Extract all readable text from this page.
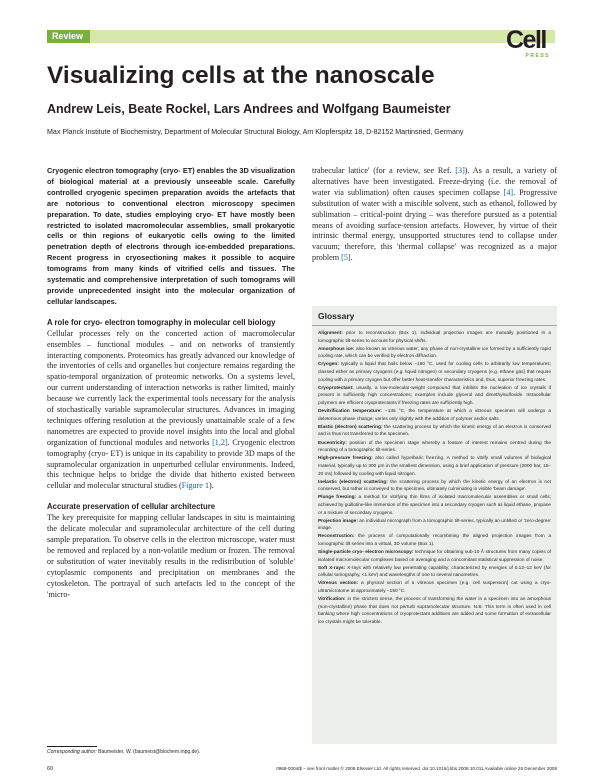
Review	Cell
PRESS
Visualizing cells at the nanoscale
Andrew Leis, Beate Rockel, Lars Andrees and Wolfgang Baumeister
Max Planck Institute of Biochemistry, Department of Molecular Structural Biology, Am Klopferspitz 18, D-82152 Martinsried, Germany

Cryogenic electron tomography (cryo- ET) enables the 3D visualization of biological material at a previously unseeable scale. Carefully controlled cryogenic specimen preparation avoids the artefacts that are notorious to conventional electron microscopy specimen preparation. To date, studies employing cryo- ET have mostly been restricted to isolated macromolecular assemblies, small prokaryotic cells or thin regions of eukaryotic cells owing to the limited penetration depth of electrons through ice-embedded preparations. Recent progress in cryosectioning makes it possible to acquire tomograms from many kinds of vitrified cells and tissues. The systematic and comprehensive interpretation of such tomograms will provide unprecedented insight into the molecular organization of cellular landscapes.

A role for cryo- electron tomography in molecular cell biology

Cellular processes rely on the concerted action of macromolecular ensembles – functional modules – and on networks of transiently interacting components. Proteomics has greatly advanced our knowledge of the inventories of cells and organelles but conjecture remains regarding the spatio-temporal organization of proteomic networks. On a systems level, our current understanding of interaction networks is rather limited, mainly because we currently lack the experimental tools necessary for the analysis of stochastically variable supramolecular structures. Advances in imaging techniques offering resolution at the previously unattainable scale of a few nanometres are expected to provide novel insights into the local and global organization of functional modules and networks [1,2]. Cryogenic electron tomography (cryo- ET) is unique in its capability to provide 3D maps of the supramolecular organization in unperturbed cellular environments. Indeed, this technique helps to bridge the divide that hitherto existed between cellular and molecular structural studies (Figure 1).

Accurate preservation of cellular architecture

The key prerequisite for mapping cellular landscapes in situ is maintaining the delicate molecular and supramolecular architecture of the cell during sample preparation. To observe cells in the electron microscope, water must be removed and replaced by a non-volatile medium or frozen. The removal or substitution of water inevitably results in the redistribution of 'soluble' cytoplasmic components and precipitation on membranes and the cytoskeleton. The portrayal of such artefacts led to the concept of the 'micro-

trabecular lattice' (for a review, see Ref. [3]). As a result, a variety of alternatives have been investigated. Freeze-drying (i.e. the removal of water via sublimation) often causes specimen collapse [4]. Progressive substitution of water with a miscible solvent, such as ethanol, followed by sublimation – critical-point drying – was therefore pursued as a potential means of avoiding surface-tension artefacts. However, by virtue of their intrinsic thermal energy, unsupported structures tend to collapse under vacuum; therefore, this 'thermal collapse' was recognized as a major problem [5].

Glossary

Alignment: prior to reconstruction (Box 1), individual projection images are mutually positioned in a tomographic tilt-series to account for physical shifts.

Amorphous ice: also known as vitreous water; any phase of non-crystalline ice formed by a sufficiently rapid cooling rate, which can be verified by electron diffraction.

Cryogen: typically a liquid that boils below −160 °C, used for cooling cells to arbitrarily low temperatures; classed either as primary cryogens (e.g. liquid nitrogen) or secondary cryogens (e.g. ethane gas) that require cooling with a primary cryogen but offer better heat-transfer characteristics and, thus, superior freezing rates.

Cryoprotectant: usually, a low-molecular-weight compound that inhibits the nucleation of ice crystals if present in sufficiently high concentrations; examples include glycerol and dimethylsulfoxide. Intracellular polymers are efficient cryoprotectants if freezing rates are sufficiently high.

Devitrification temperature: −135 °C, the temperature at which a vitreous specimen will undergo a deleterious phase change; varies only slightly with the addition of polymer and/or salts.

Elastic (electron) scattering: the scattering process by which the kinetic energy of an electron is conserved and is thus not transferred to the specimen.

Eucentricity: position of the specimen stage whereby a feature of interest remains centred during the recording of a tomographic tilt-series.

High-pressure freezing: also called hyperbaric freezing. A method to vitrify small volumes of biological material, typically up to 300 μm in the smallest dimension, using a brief application of pressure (2000 bar, 15–20 ms) followed by cooling with liquid nitrogen.

Inelastic (electron) scattering: the scattering process by which the kinetic energy of an electron is not conserved, but rather is conveyed to the specimen, ultimately culminating in visible 'beam damage'.

Plunge freezing: a method for vitrifying thin films of isolated macromolecular assemblies or small cells; achieved by guillotine-like immersion of the specimen into a secondary cryogen such as liquid ethane, propane or a mixture of secondary cryogens.

Projection image: an individual micrograph from a tomographic tilt-series, typically an untilted or 'zero-degree' image.

Reconstruction: the process of computationally recombining the aligned projection images from a tomographic tilt series into a virtual, 3D volume (Box 1).

Single-particle cryo- electron microscopy: technique for obtaining sub-10 Å structures from many copies of isolated macromolecular complexes based on averaging and a concomitant statistical suppression of noise.

Soft X-rays: X-rays with relatively low penetrating capability; characterized by energies of 0.12–12 keV (for cellular tomography, <1 keV) and wavelengths of one to several nanometres.

Vitreous section: a physical section of a vitreous specimen (e.g. cell suspension) cut using a cryo- ultramicrotome at approximately −150 °C.

Vitrification: in the strictest sense, the process of transforming the water in a specimen into an amorphous (non-crystalline) phase that does not perturb supramolecular structure. N.B. This term is often used in cell banking where high concentrations of cryoprotectant additives are added and some formation of extracellular ice crystals might be tolerable.

Corresponding author: Baumeister, W. (baumeist@biochem.mpg.de).
60	0968-0004/$ – see front matter © 2008 Elsevier Ltd. All rights reserved. doi:10.1016/j.tibs.2008.10.011 Available online 26 December 2008
